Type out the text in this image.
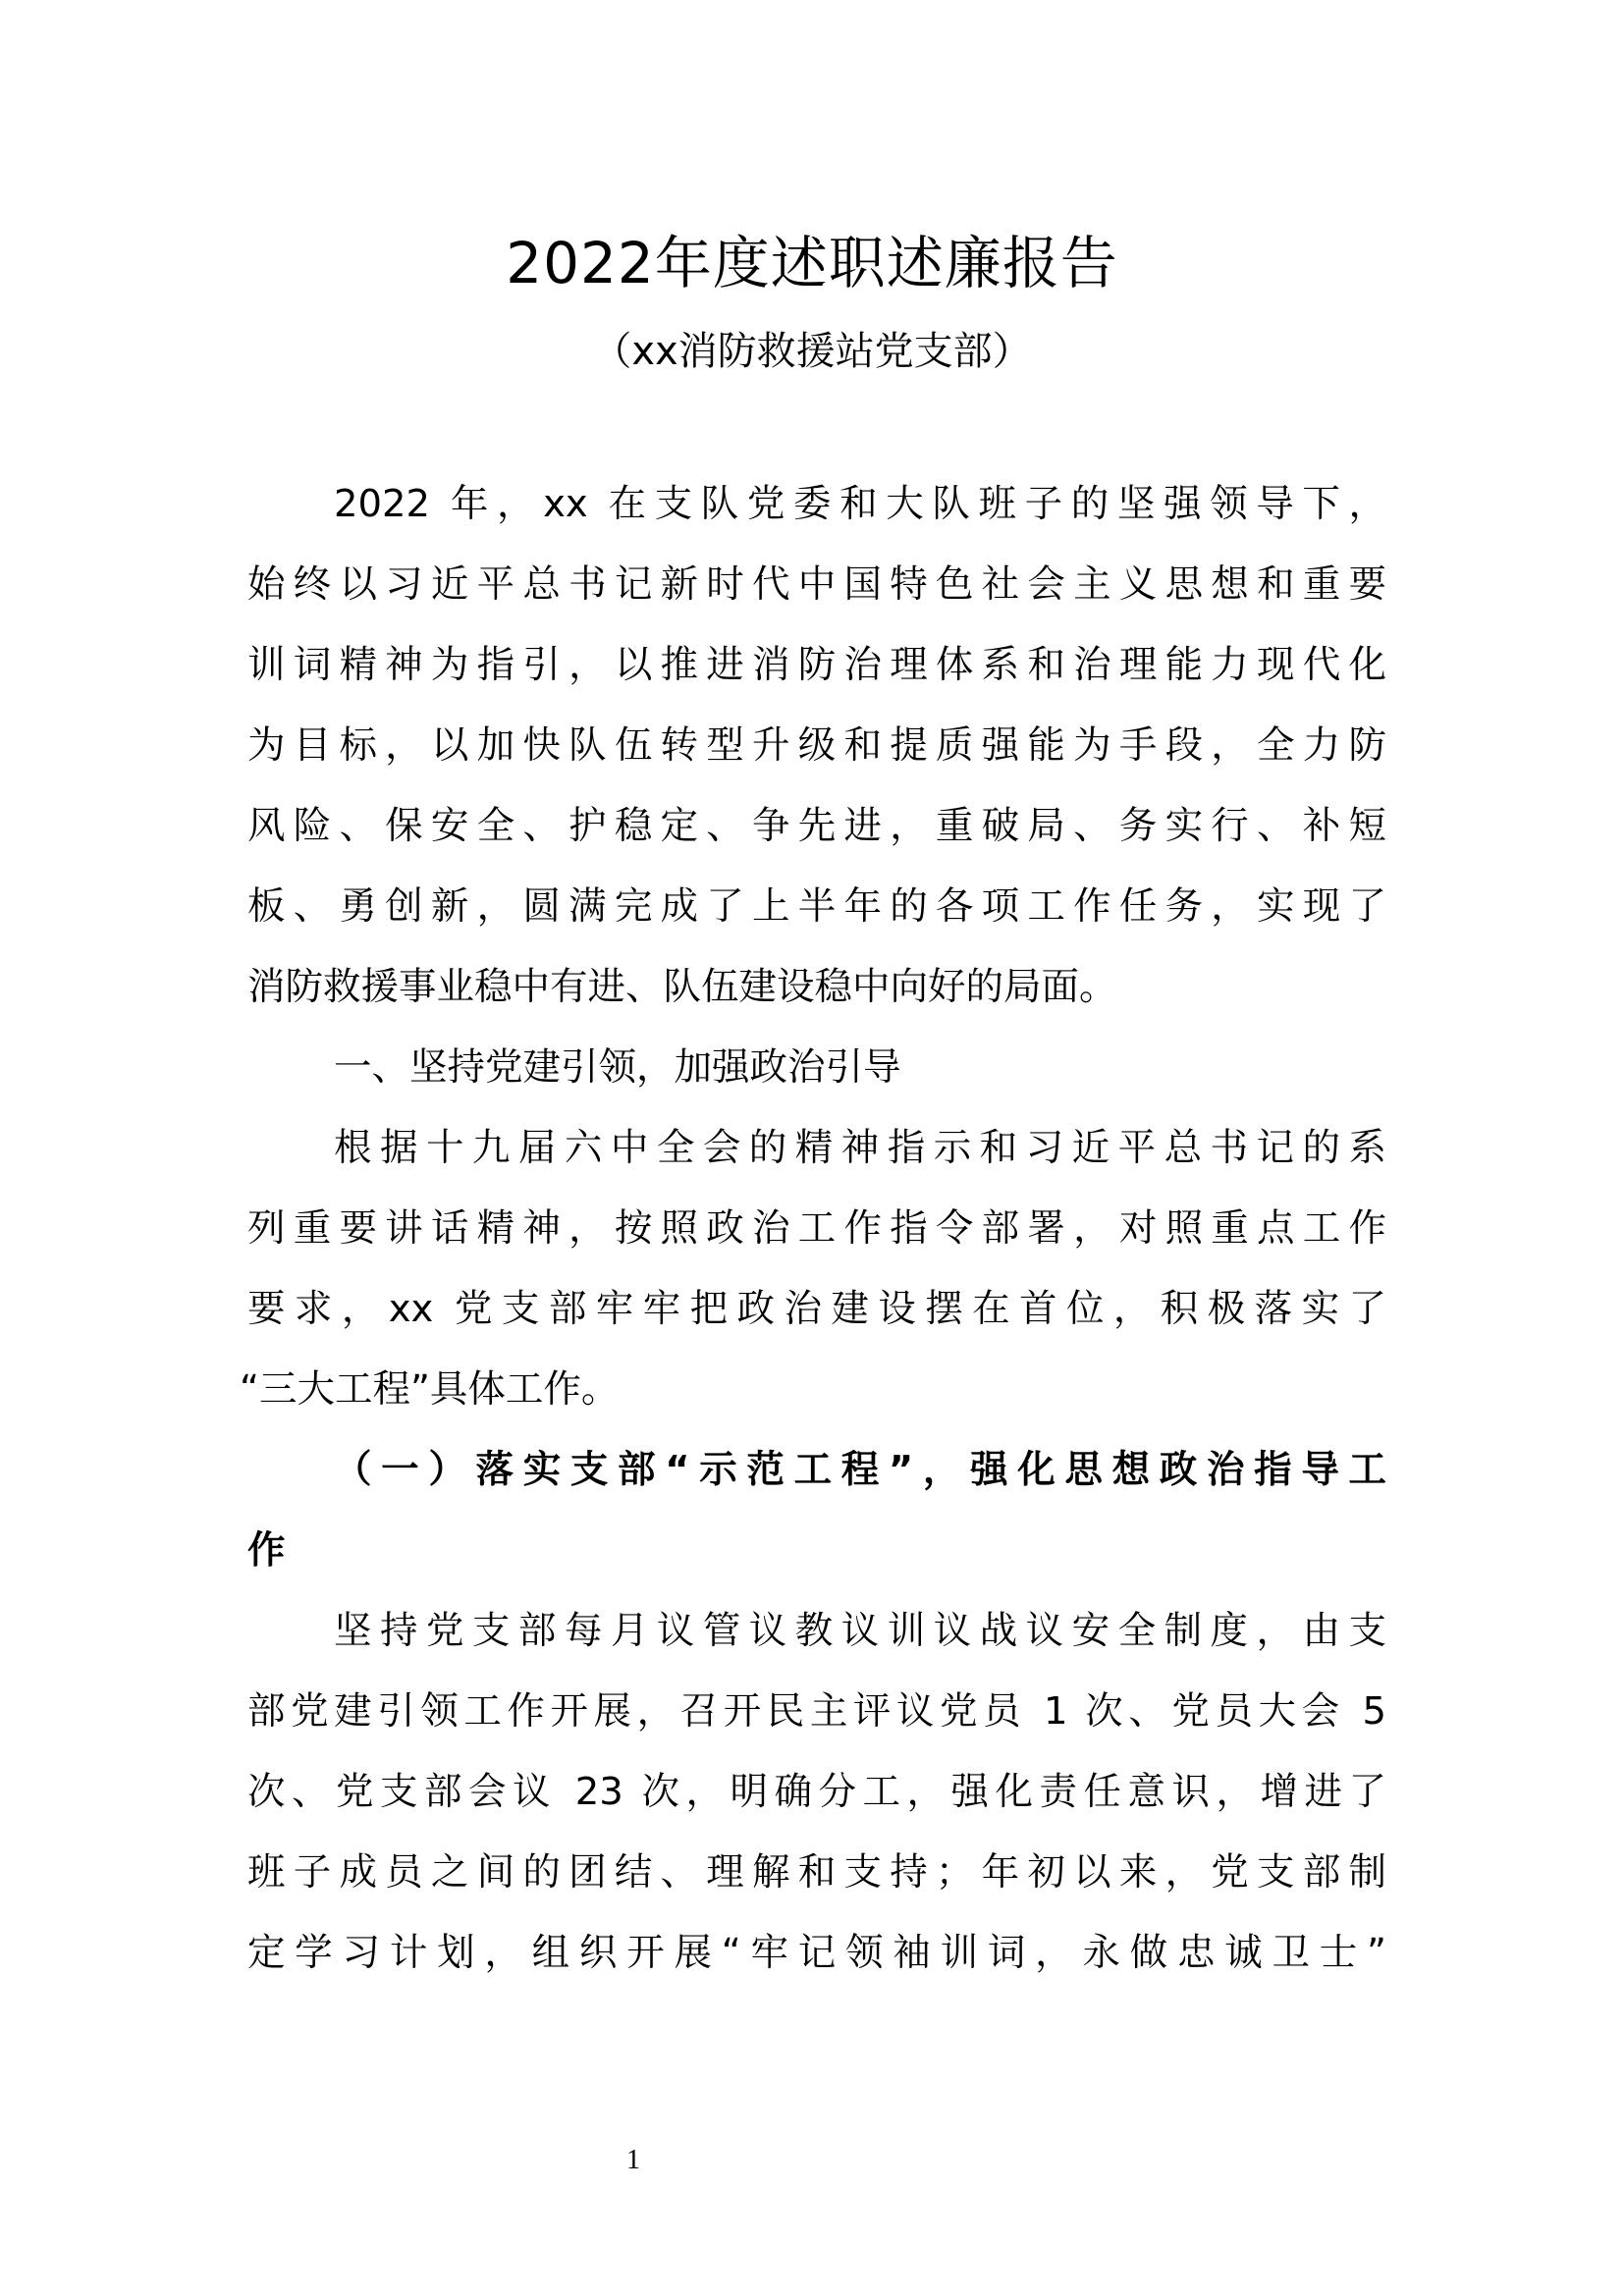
2022年度述职述廉报告
（xx消防救援站党支部）
2022 年，xx 在支队党委和大队班子的坚强领导下，
始终以习近平总书记新时代中国特色社会主义思想和重要
训词精神为指引，以推进消防治理体系和治理能力现代化
为目标，以加快队伍转型升级和提质强能为手段，全力防
风险、保安全、护稳定、争先进，重破局、务实行、补短
板、勇创新，圆满完成了上半年的各项工作任务，实现了
消防救援事业稳中有进、队伍建设稳中向好的局面。
一、坚持党建引领，加强政治引导
根据十九届六中全会的精神指示和习近平总书记的系
列重要讲话精神，按照政治工作指令部署，对照重点工作
要求，xx 党支部牢牢把政治建设摆在首位，积极落实了
“三大工程”具体工作。
（一）落实支部“示范工程”，强化思想政治指导工
作
坚持党支部每月议管议教议训议战议安全制度，由支
部党建引领工作开展，召开民主评议党员 1 次、党员大会 5
次、党支部会议 23 次，明确分工，强化责任意识，增进了
班子成员之间的团结、理解和支持；年初以来，党支部制
定学习计划，组织开展“牢记领袖训词，永做忠诚卫士”
1
